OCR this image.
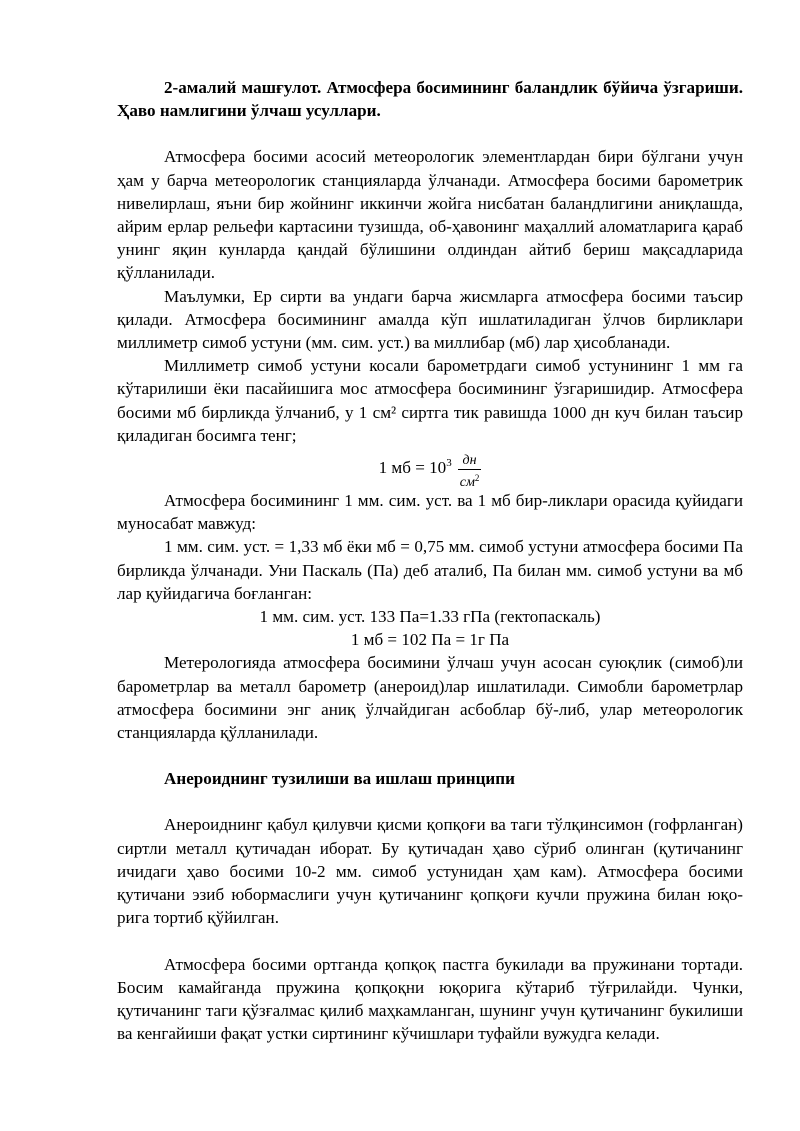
2-амалий машғулот. Атмосфера босимининг баландлик бўйича ўзгариши. Ҳаво намлигини ўлчаш усуллари.

Атмосфера босими асосий метеорологик элементлардан бири бўлгани учун ҳам у барча метеорологик станцияларда ўлчанади. Атмосфера босими барометрик нивелирлаш, яъни бир жойнинг иккинчи жойга нисбатан баландлигини аниқлашда, айрим ерлар рельефи картасини тузишда, об-ҳавонинг маҳаллий аломатларига қараб унинг яқин кунларда қандай бўлишини олдиндан айтиб бериш мақсадларида қўлланилади.

Маълумки, Ер сирти ва ундаги барча жисмларга атмосфера босими таъсир қилади. Атмосфера босимининг амалда кўп ишлатиладиган ўлчов бирликлари миллиметр симоб устуни (мм. сим. уст.) ва миллибар (мб) лар ҳисобланади.

Миллиметр симоб устуни косали барометрдаги симоб устунининг 1 мм га кўтарилиши ёки пасайишига мос атмосфера босимининг ўзгаришидир. Атмосфера босими мб бирликда ўлчаниб, у 1 см² сиртга тик равишда 1000 дн куч билан таъсир қиладиган босимга тенг;

1 мб = $10^3 \frac{дн}{см^2}$

Атмосфера босимининг 1 мм. сим. уст. ва 1 мб бир-ликлари орасида қуйидаги муносабат мавжуд:

1 мм. сим. уст. = 1,33 мб ёки мб = 0,75 мм. симоб устуни атмосфера босими Па бирликда ўлчанади. Уни Паскаль (Па) деб аталиб, Па билан мм. симоб устуни ва мб лар қуйидагича боғланган:

1 мм. сим. уст. 133 Па=1.33 гПа (гектопаскаль)

1 мб = 102 Па = 1г Па

Метерологияда атмосфера босимини ўлчаш учун асосан суюқлик (симоб)ли барометрлар ва металл барометр (анероид)лар ишлатилади. Симобли барометрлар атмосфера босимини энг аниқ ўлчайдиган асбоблар бў-либ, улар метеорологик станцияларда қўлланилади.

Анероиднинг тузилиши ва ишлаш принципи

Анероиднинг қабул қилувчи қисми қопқоғи ва таги тўлқинсимон (гофрланган) сиртли металл қутичадан иборат. Бу қутичадан ҳаво сўриб олинган (қутичанинг ичидаги ҳаво босими 10-2 мм. симоб устунидан ҳам кам). Атмосфера босими қутичани эзиб юбормаслиги учун қутичанинг қопқоғи кучли пружина билан юқо-рига тортиб қўйилган.

Атмосфера босими ортганда қопқоқ пастга букилади ва пружинани тортади. Босим камайганда пружина қопқоқни юқорига кўтариб тўғрилайди. Чунки, қутичанинг таги қўзғалмас қилиб маҳкамланган, шунинг учун қутичанинг букилиши ва кенгайиши фақат устки сиртининг кўчишлари туфайли вужудга келади.
